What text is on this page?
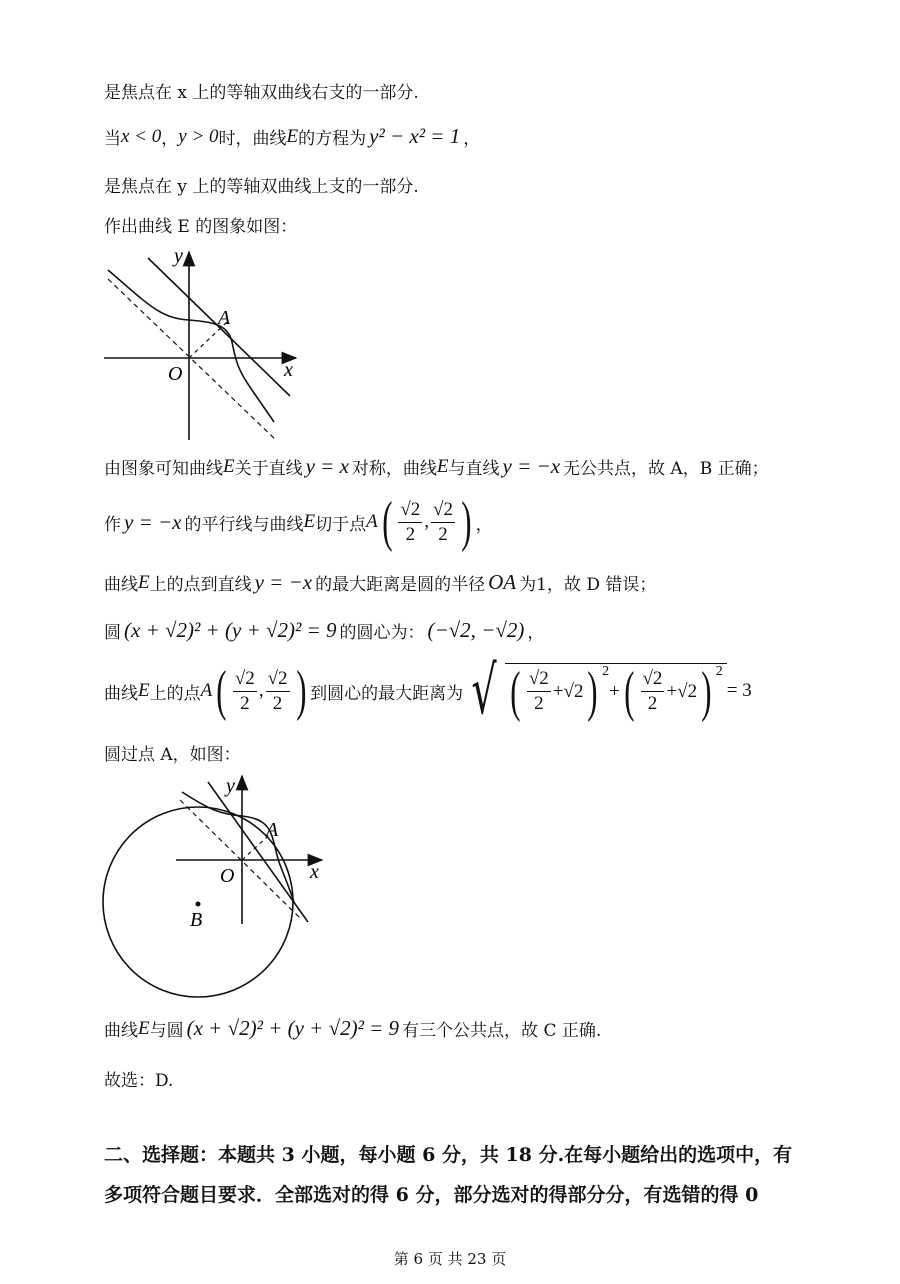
是焦点在 x 上的等轴双曲线右支的一部分.
当 x < 0 ， y > 0 时，曲线 E 的方程为 y² − x² = 1 ，
是焦点在 y 上的等轴双曲线上支的一部分.
作出曲线 E 的图象如图：
y
x
O
A
由图象可知曲线 E 关于直线 y = x 对称，曲线 E 与直线 y = −x 无公共点，故 A，B 正确；
作 y = −x 的平行线与曲线 E 切于点 A ( $\frac{√2}{2}$ , $\frac{√2}{2}$ ) ，
曲线 E 上的点到直线 y = −x 的最大距离是圆的半径 OA 为1，故 D 错误；
圆 (x + √2)² + (y + √2)² = 9 的圆心为： (−√2, −√2) ，
曲线 E 上的点 A ( $\frac{√2}{2}$ , $\frac{√2}{2}$ ) 到圆心的最大距离为 √ ( $\frac{√2}{2} +√2$ ) 2
+ ( $\frac{√2}{2} +√2$ ) 2
= 3
圆过点 A，如图：
y
x
O
A
B
曲线 E 与圆 (x + √2)² + (y + √2)² = 9 有三个公共点，故 C 正确.
故选：D.
二、选择题：本题共 3 小题，每小题 6 分，共 18 分.在每小题给出的选项中，有
多项符合题目要求．全部选对的得 6 分，部分选对的得部分分，有选错的得 0
第 6 页 共 23 页
